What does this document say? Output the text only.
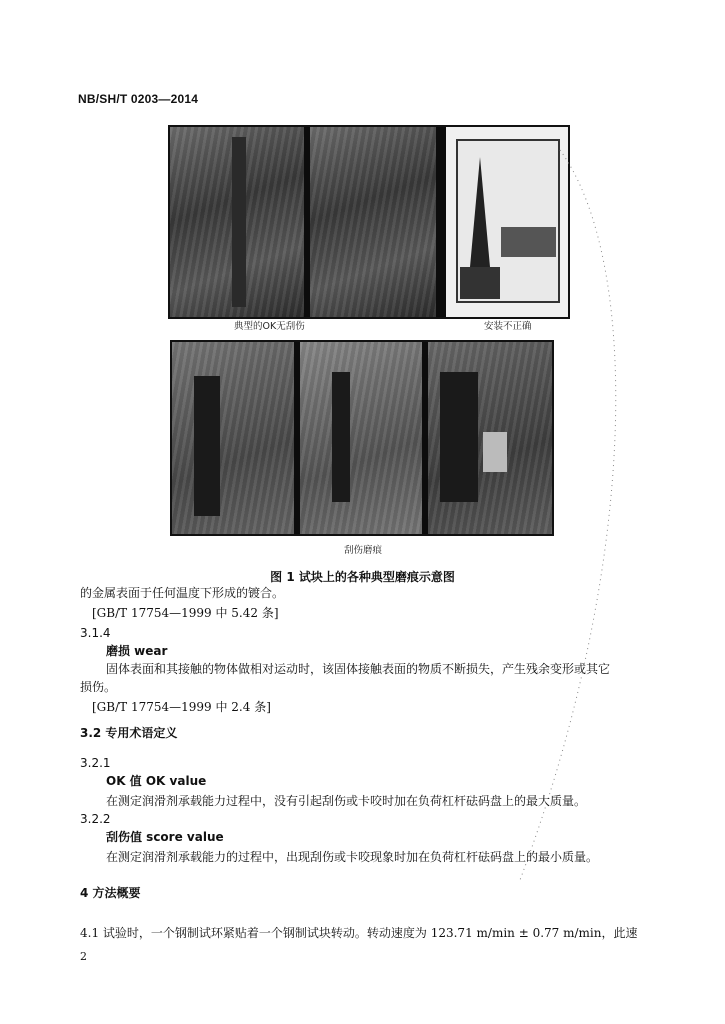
NB/SH/T 0203—2014
典型的OK无刮伤	安装不正确
刮伤磨痕
图 1 试块上的各种典型磨痕示意图
的金属表面于任何温度下形成的镀合。
[GB/T 17754—1999 中 5.42 条]
3.1.4
磨损 wear
固体表面和其接触的物体做相对运动时，该固体接触表面的物质不断损失，产生残余变形或其它
损伤。
[GB/T 17754—1999 中 2.4 条]
3.2 专用术语定义
3.2.1
OK 值 OK value
在测定润滑剂承载能力过程中，没有引起刮伤或卡咬时加在负荷杠杆砝码盘上的最大质量。
3.2.2
刮伤值 score value
在测定润滑剂承载能力的过程中，出现刮伤或卡咬现象时加在负荷杠杆砝码盘上的最小质量。
4 方法概要
4.1 试验时，一个钢制试环紧贴着一个钢制试块转动。转动速度为 123.71 m/min ± 0.77 m/min，此速
2
